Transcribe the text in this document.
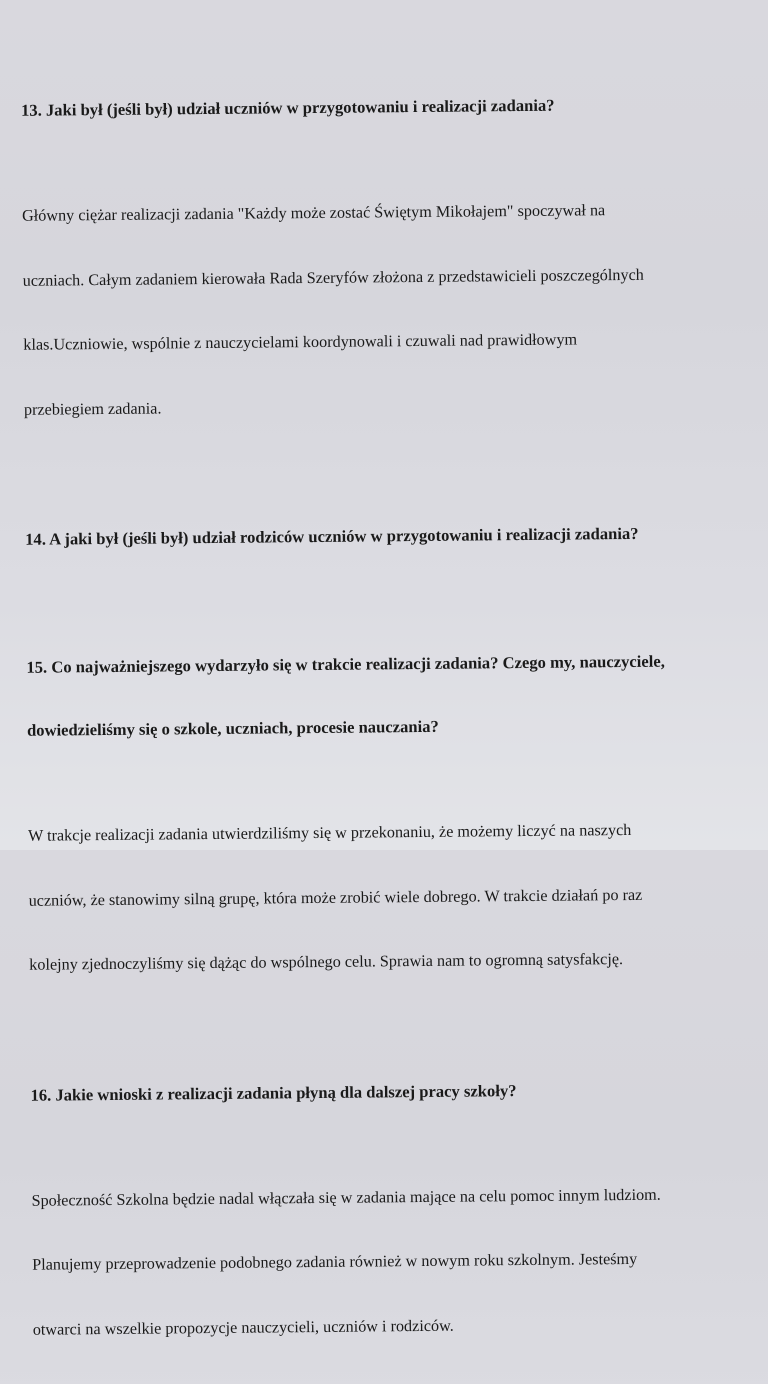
13. Jaki był (jeśli był) udział uczniów w przygotowaniu i realizacji zadania?

Główny ciężar realizacji zadania "Każdy może zostać Świętym Mikołajem" spoczywał na

uczniach. Całym zadaniem kierowała Rada Szeryfów złożona z przedstawicieli poszczególnych

klas.Uczniowie, wspólnie z nauczycielami koordynowali i czuwali nad prawidłowym

przebiegiem zadania.

14. A jaki był (jeśli był) udział rodziców uczniów w przygotowaniu i realizacji zadania?

15. Co najważniejszego wydarzyło się w trakcie realizacji zadania? Czego my, nauczyciele,

dowiedzieliśmy się o szkole, uczniach, procesie nauczania?

W trakcje realizacji zadania utwierdziliśmy się w przekonaniu, że możemy liczyć na naszych

uczniów, że stanowimy silną grupę, która może zrobić wiele dobrego. W trakcie działań po raz

kolejny zjednoczyliśmy się dążąc do wspólnego celu. Sprawia nam to ogromną satysfakcję.

16. Jakie wnioski z realizacji zadania płyną dla dalszej pracy szkoły?

Społeczność Szkolna będzie nadal włączała się w zadania mające na celu pomoc innym ludziom.

Planujemy przeprowadzenie podobnego zadania również w nowym roku szkolnym. Jesteśmy

otwarci na wszelkie propozycje nauczycieli, uczniów i rodziców.
